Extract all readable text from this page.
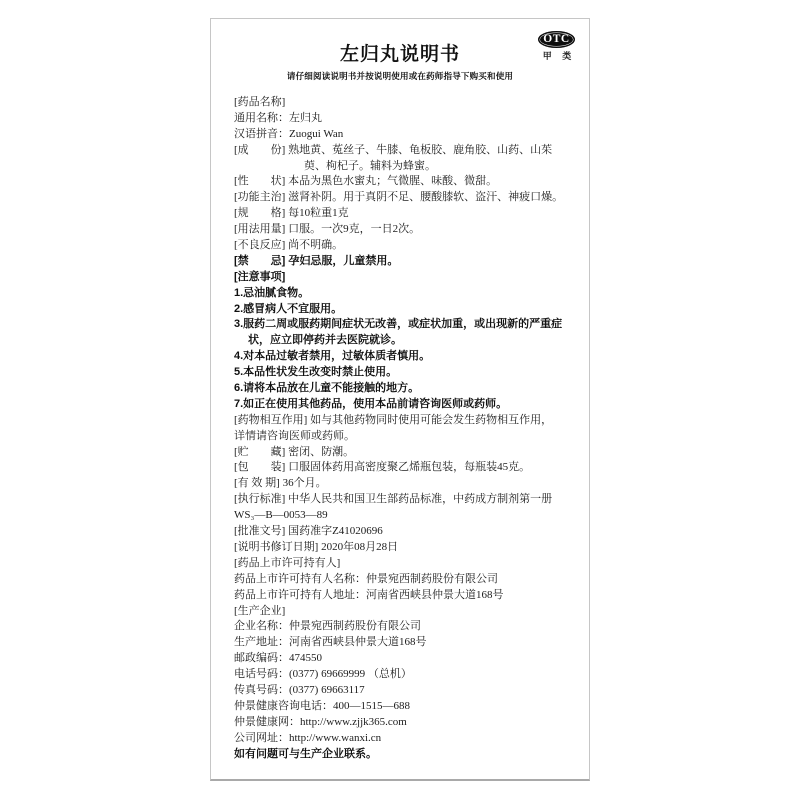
左归丸说明书
OTC
甲 类
请仔细阅读说明书并按说明使用或在药师指导下购买和使用
[药品名称]
通用名称：左归丸
汉语拼音：Zuogui Wan
[成　　份] 熟地黄、菟丝子、牛膝、龟板胶、鹿角胶、山药、山茱
萸、枸杞子。辅料为蜂蜜。
[性　　状] 本品为黑色水蜜丸；气微腥、味酸、微甜。
[功能主治] 滋肾补阴。用于真阴不足、腰酸膝软、盗汗、神疲口燥。
[规　　格] 每10粒重1克
[用法用量] 口服。一次9克，一日2次。
[不良反应] 尚不明确。
[禁　　忌] 孕妇忌服，儿童禁用。
[注意事项]
1.忌油腻食物。
2.感冒病人不宜服用。
3.服药二周或服药期间症状无改善，或症状加重，或出现新的严重症
状，应立即停药并去医院就诊。
4.对本品过敏者禁用，过敏体质者慎用。
5.本品性状发生改变时禁止使用。
6.请将本品放在儿童不能接触的地方。
7.如正在使用其他药品，使用本品前请咨询医师或药师。
[药物相互作用] 如与其他药物同时使用可能会发生药物相互作用，
详情请咨询医师或药师。
[贮　　藏] 密闭、防潮。
[包　　装] 口服固体药用高密度聚乙烯瓶包装，每瓶装45克。
[有 效 期] 36个月。
[执行标准] 中华人民共和国卫生部药品标准，中药成方制剂第一册
WS₃—B—0053—89
[批准文号] 国药准字Z41020696
[说明书修订日期] 2020年08月28日
[药品上市许可持有人]
药品上市许可持有人名称：仲景宛西制药股份有限公司
药品上市许可持有人地址：河南省西峡县仲景大道168号
[生产企业]
企业名称：仲景宛西制药股份有限公司
生产地址：河南省西峡县仲景大道168号
邮政编码：474550
电话号码：(0377) 69669999 （总机）
传真号码：(0377) 69663117
仲景健康咨询电话：400—1515—688
仲景健康网：http://www.zjjk365.com
公司网址：http://www.wanxi.cn
如有问题可与生产企业联系。
